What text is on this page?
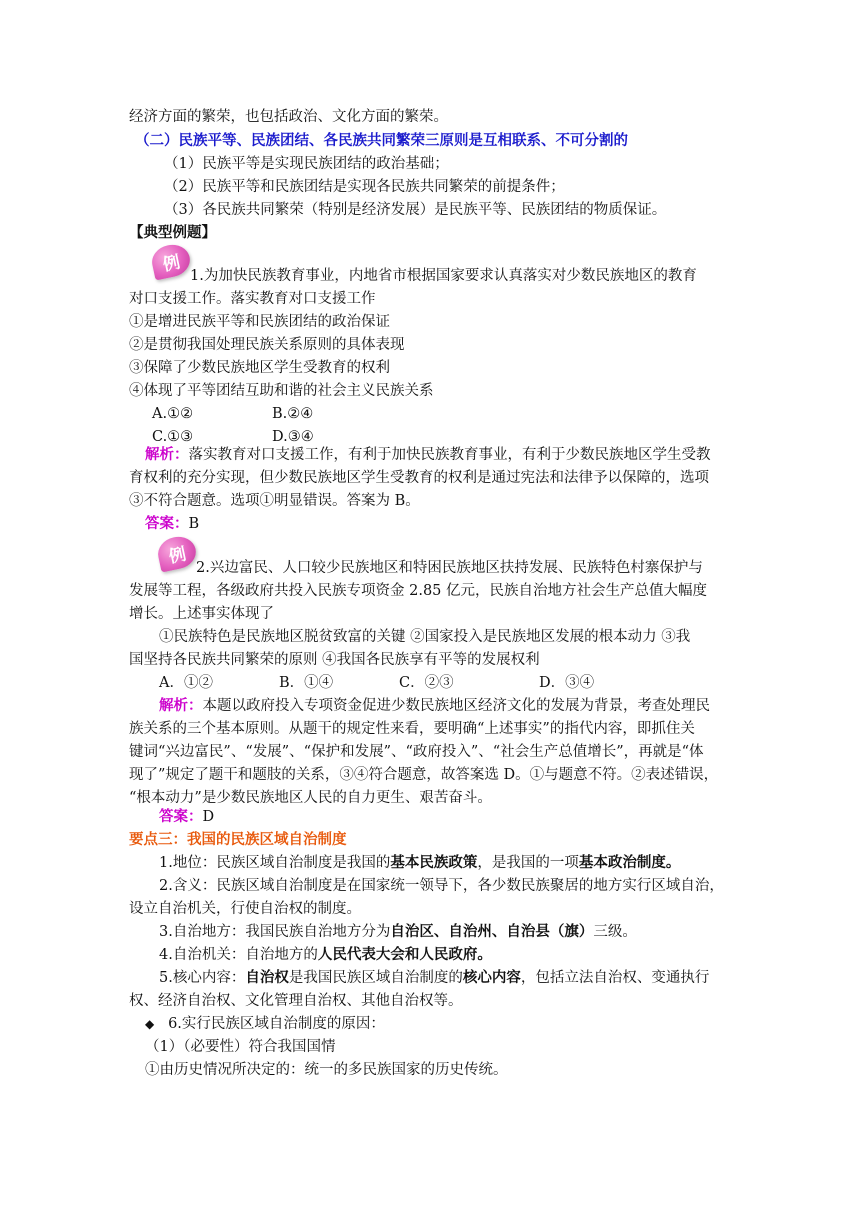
经济方面的繁荣，也包括政治、文化方面的繁荣。
（二）民族平等、民族团结、各民族共同繁荣三原则是互相联系、不可分割的
（1）民族平等是实现民族团结的政治基础；
（2）民族平等和民族团结是实现各民族共同繁荣的前提条件；
（3）各民族共同繁荣（特别是经济发展）是民族平等、民族团结的物质保证。
【典型例题】
例
1.为加快民族教育事业，内地省市根据国家要求认真落实对少数民族地区的教育
对口支援工作。落实教育对口支援工作
①是增进民族平等和民族团结的政治保证
②是贯彻我国处理民族关系原则的具体表现
③保障了少数民族地区学生受教育的权利
④体现了平等团结互助和谐的社会主义民族关系
A.①②	B.②④
C.①③	D.③④
解析：落实教育对口支援工作，有利于加快民族教育事业，有利于少数民族地区学生受教
育权利的充分实现，但少数民族地区学生受教育的权利是通过宪法和法律予以保障的，选项
③不符合题意。选项①明显错误。答案为 B。
答案：B
例
2.兴边富民、人口较少民族地区和特困民族地区扶持发展、民族特色村寨保护与
发展等工程，各级政府共投入民族专项资金 2.85 亿元，民族自治地方社会生产总值大幅度
增长。上述事实体现了
①民族特色是民族地区脱贫致富的关键 ②国家投入是民族地区发展的根本动力 ③我
国坚持各民族共同繁荣的原则 ④我国各民族享有平等的发展权利
A．①②	B．①④	C．②③	D．③④
解析：本题以政府投入专项资金促进少数民族地区经济文化的发展为背景，考查处理民
族关系的三个基本原则。从题干的规定性来看，要明确“上述事实”的指代内容，即抓住关
键词“兴边富民”、“发展”、“保护和发展”、“政府投入”、“社会生产总值增长”，再就是“体
现了”规定了题干和题肢的关系，③④符合题意，故答案选 D。①与题意不符。②表述错误，
“根本动力”是少数民族地区人民的自力更生、艰苦奋斗。
答案：D
要点三：我国的民族区域自治制度
1.地位：民族区域自治制度是我国的基本民族政策，是我国的一项基本政治制度。
2.含义：民族区域自治制度是在国家统一领导下，各少数民族聚居的地方实行区域自治，
设立自治机关，行使自治权的制度。
3.自治地方：我国民族自治地方分为自治区、自治州、自治县（旗）三级。
4.自治机关：自治地方的人民代表大会和人民政府。
5.核心内容：自治权是我国民族区域自治制度的核心内容，包括立法自治权、变通执行
权、经济自治权、文化管理自治权、其他自治权等。
◆ 6.实行民族区域自治制度的原因：
（1）（必要性）符合我国国情
①由历史情况所决定的：统一的多民族国家的历史传统。
